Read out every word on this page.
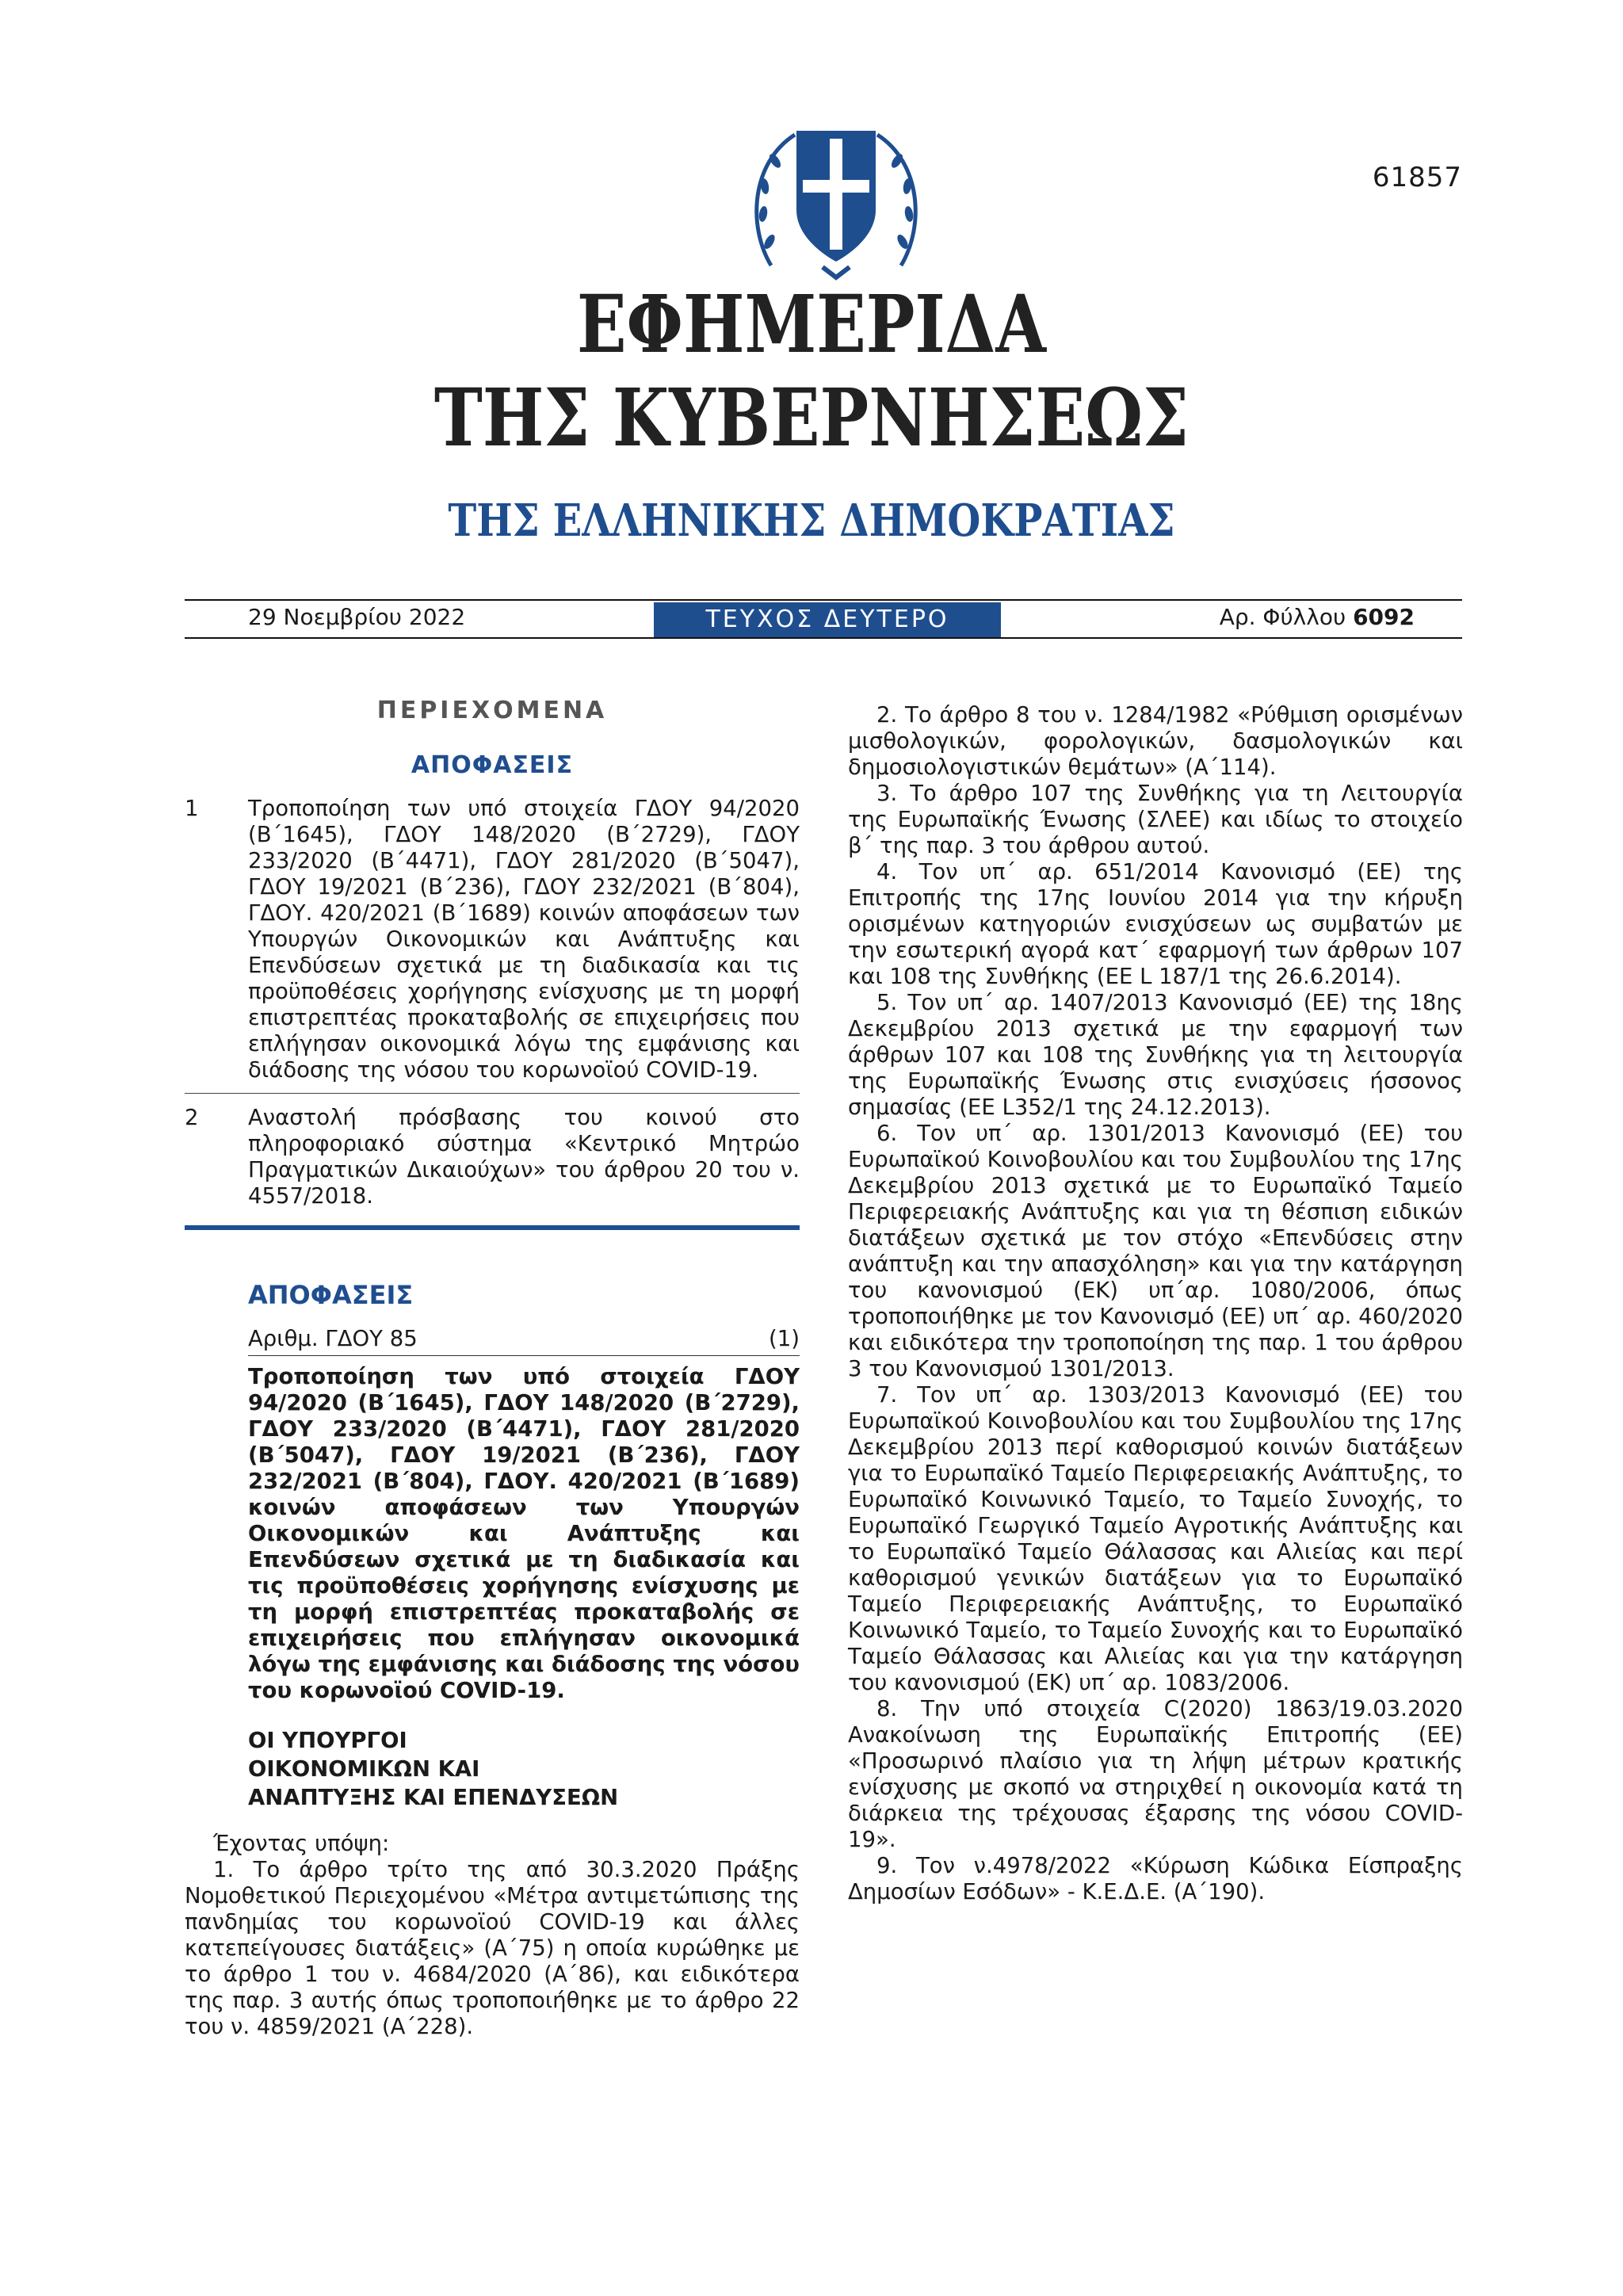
61857
ΕΦΗΜΕΡΙΔΑ
ΤΗΣ ΚΥΒΕΡΝΗΣΕΩΣ
ΤΗΣ ΕΛΛΗΝΙΚΗΣ ΔΗΜΟΚΡΑΤΙΑΣ
29 Νοεμβρίου 2022	ΤΕΥΧΟΣ ΔΕΥΤΕΡΟ	Αρ. Φύλλου 6092
ΠΕΡΙΕΧΟΜΕΝΑ
ΑΠΟΦΑΣΕΙΣ
1	Τροποποίηση των υπό στοιχεία ΓΔΟΥ 94/2020 (Β΄1645), ΓΔΟΥ 148/2020 (Β΄2729), ΓΔΟΥ 233/2020 (Β΄4471), ΓΔΟΥ 281/2020 (Β΄5047), ΓΔΟΥ 19/2021 (Β΄236), ΓΔΟΥ 232/2021 (Β΄804), ΓΔΟΥ. 420/2021 (Β΄1689) κοινών αποφάσεων των Υπουργών Οικονομικών και Ανάπτυξης και Επενδύσεων σχετικά με τη διαδικασία και τις προϋποθέσεις χορήγησης ενίσχυσης με τη μορφή επιστρεπτέας προκαταβολής σε επιχειρήσεις που επλήγησαν οικονομικά λόγω της εμφάνισης και διάδοσης της νόσου του κορωνοϊού COVID-19.
2	Αναστολή πρόσβασης του κοινού στο πληροφοριακό σύστημα «Κεντρικό Μητρώο Πραγματικών Δικαιούχων» του άρθρου 20 του ν. 4557/2018.
ΑΠΟΦΑΣΕΙΣ
Αριθμ. ΓΔΟΥ 85	(1)
Τροποποίηση των υπό στοιχεία ΓΔΟΥ 94/2020 (Β΄1645), ΓΔΟΥ 148/2020 (Β΄2729), ΓΔΟΥ 233/2020 (Β΄4471), ΓΔΟΥ 281/2020 (Β΄5047), ΓΔΟΥ 19/2021 (Β΄236), ΓΔΟΥ 232/2021 (Β΄804), ΓΔΟΥ. 420/2021 (Β΄1689) κοινών αποφάσεων των Υπουργών Οικονομικών και Ανάπτυξης και Επενδύσεων σχετικά με τη διαδικασία και τις προϋποθέσεις χορήγησης ενίσχυσης με τη μορφή επιστρεπτέας προκαταβολής σε επιχειρήσεις που επλήγησαν οικονομικά λόγω της εμφάνισης και διάδοσης της νόσου του κορωνοϊού COVID-19.
ΟΙ ΥΠΟΥΡΓΟΙ
ΟΙΚΟΝΟΜΙΚΩΝ ΚΑΙ
ΑΝΑΠΤΥΞΗΣ ΚΑΙ ΕΠΕΝΔΥΣΕΩΝ
Έχοντας υπόψη:

1. Το άρθρο τρίτο της από 30.3.2020 Πράξης Νομοθετικού Περιεχομένου «Μέτρα αντιμετώπισης της πανδημίας του κορωνοϊού COVID-19 και άλλες κατεπείγουσες διατάξεις» (Α΄75) η οποία κυρώθηκε με το άρθρο 1 του ν. 4684/2020 (Α΄86), και ειδικότερα της παρ. 3 αυτής όπως τροποποιήθηκε με το άρθρο 22 του ν. 4859/2021 (Α΄228).

2. Το άρθρο 8 του ν. 1284/1982 «Ρύθμιση ορισμένων μισθολογικών, φορολογικών, δασμολογικών και δημοσιολογιστικών θεμάτων» (Α΄114).

3. Το άρθρο 107 της Συνθήκης για τη Λειτουργία της Ευρωπαϊκής Ένωσης (ΣΛΕΕ) και ιδίως το στοιχείο β΄ της παρ. 3 του άρθρου αυτού.

4. Τον υπ΄ αρ. 651/2014 Κανονισμό (ΕΕ) της Επιτροπής της 17ης Ιουνίου 2014 για την κήρυξη ορισμένων κατηγοριών ενισχύσεων ως συμβατών με την εσωτερική αγορά κατ΄ εφαρμογή των άρθρων 107 και 108 της Συνθήκης (ΕΕ L 187/1 της 26.6.2014).

5. Τον υπ΄ αρ. 1407/2013 Κανονισμό (ΕΕ) της 18ης Δεκεμβρίου 2013 σχετικά με την εφαρμογή των άρθρων 107 και 108 της Συνθήκης για τη λειτουργία της Ευρωπαϊκής Ένωσης στις ενισχύσεις ήσσονος σημασίας (ΕΕ L352/1 της 24.12.2013).

6. Τον υπ΄ αρ. 1301/2013 Κανονισμό (ΕΕ) του Ευρωπαϊκού Κοινοβουλίου και του Συμβουλίου της 17ης Δεκεμβρίου 2013 σχετικά με το Ευρωπαϊκό Ταμείο Περιφερειακής Ανάπτυξης και για τη θέσπιση ειδικών διατάξεων σχετικά με τον στόχο «Επενδύσεις στην ανάπτυξη και την απασχόληση» και για την κατάργηση του κανονισμού (ΕΚ) υπ΄αρ. 1080/2006, όπως τροποποιήθηκε με τον Κανονισμό (ΕΕ) υπ΄ αρ. 460/2020 και ειδικότερα την τροποποίηση της παρ. 1 του άρθρου 3 του Κανονισμού 1301/2013.

7. Τον υπ΄ αρ. 1303/2013 Κανονισμό (ΕΕ) του Ευρωπαϊκού Κοινοβουλίου και του Συμβουλίου της 17ης Δεκεμβρίου 2013 περί καθορισμού κοινών διατάξεων για το Ευρωπαϊκό Ταμείο Περιφερειακής Ανάπτυξης, το Ευρωπαϊκό Κοινωνικό Ταμείο, το Ταμείο Συνοχής, το Ευρωπαϊκό Γεωργικό Ταμείο Αγροτικής Ανάπτυξης και το Ευρωπαϊκό Ταμείο Θάλασσας και Αλιείας και περί καθορισμού γενικών διατάξεων για το Ευρωπαϊκό Ταμείο Περιφερειακής Ανάπτυξης, το Ευρωπαϊκό Κοινωνικό Ταμείο, το Ταμείο Συνοχής και το Ευρωπαϊκό Ταμείο Θάλασσας και Αλιείας και για την κατάργηση του κανονισμού (ΕΚ) υπ΄ αρ. 1083/2006.

8. Την υπό στοιχεία C(2020) 1863/19.03.2020 Ανακοίνωση της Ευρωπαϊκής Επιτροπής (ΕΕ) «Προσωρινό πλαίσιο για τη λήψη μέτρων κρατικής ενίσχυσης με σκοπό να στηριχθεί η οικονομία κατά τη διάρκεια της τρέχουσας έξαρσης της νόσου COVID-19».

9. Τον ν.4978/2022 «Κύρωση Κώδικα Είσπραξης Δημοσίων Εσόδων» - Κ.Ε.Δ.Ε. (Α΄190).
